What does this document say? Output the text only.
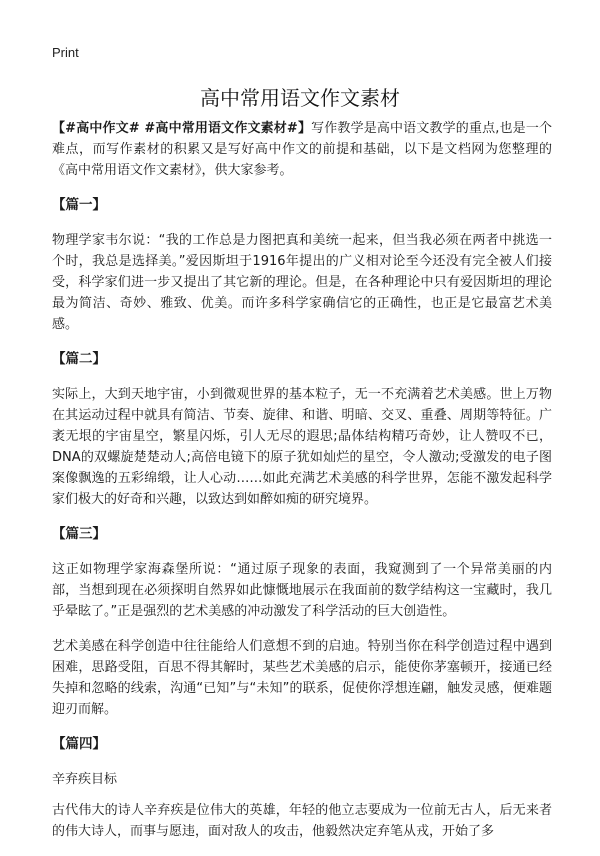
Print
高中常用语文作文素材

【#高中作文# #高中常用语文作文素材#】写作教学是高中语文教学的重点,也是一个难点，而写作素材的积累又是写好高中作文的前提和基础，以下是文档网为您整理的《高中常用语文作文素材》，供大家参考。

【篇一】

物理学家韦尔说：“我的工作总是力图把真和美统一起来，但当我必须在两者中挑选一个时，我总是选择美。”爱因斯坦于1916年提出的广义相对论至今还没有完全被人们接受，科学家们进一步又提出了其它新的理论。但是，在各种理论中只有爱因斯坦的理论最为简洁、奇妙、雅致、优美。而许多科学家确信它的正确性，也正是它最富艺术美感。

【篇二】

实际上，大到天地宇宙，小到微观世界的基本粒子，无一不充满着艺术美感。世上万物在其运动过程中就具有简洁、节奏、旋律、和谐、明暗、交叉、重叠、周期等特征。广袤无垠的宇宙星空，繁星闪烁，引人无尽的遐思;晶体结构精巧奇妙，让人赞叹不已，DNA的双螺旋楚楚动人;高倍电镜下的原子犹如灿烂的星空，令人激动;受激发的电子图案像飘逸的五彩绵缎，让人心动……如此充满艺术美感的科学世界，怎能不激发起科学家们极大的好奇和兴趣，以致达到如醉如痴的研究境界。

【篇三】

这正如物理学家海森堡所说：“通过原子现象的表面，我窥测到了一个异常美丽的内部，当想到现在必须探明自然界如此慷慨地展示在我面前的数学结构这一宝藏时，我几乎晕眩了。”正是强烈的艺术美感的冲动激发了科学活动的巨大创造性。

艺术美感在科学创造中往往能给人们意想不到的启迪。特别当你在科学创造过程中遇到困难，思路受阻，百思不得其解时，某些艺术美感的启示，能使你茅塞顿开，接通已经失掉和忽略的线索，沟通“已知”与“未知”的联系，促使你浮想连翩，触发灵感，便难题迎刃而解。

【篇四】

辛弃疾目标

古代伟大的诗人辛弃疾是位伟大的英雄，年轻的他立志要成为一位前无古人，后无来者的伟大诗人，而事与愿违，面对敌人的攻击，他毅然决定弃笔从戎，开始了多
